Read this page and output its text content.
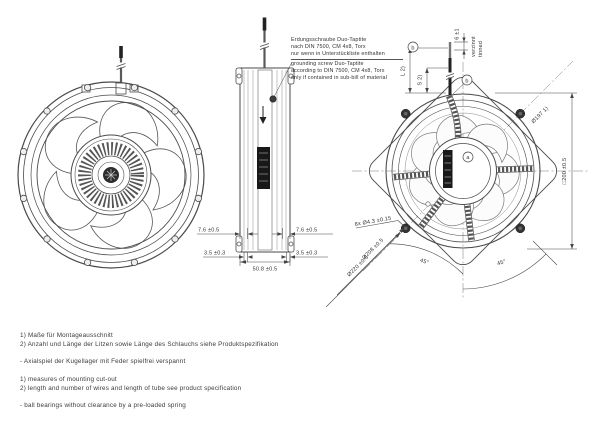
7.6 ±0.5
3.5 ±0.3
7.6 ±0.5
3.5 ±0.3
50.8 ±0.5
a
b
L 2)
S 2)
6 ±1
verzinnt tinned
□200 ±0.5
Ø197 1)
8x Ø4.3 ±0.15
Ø208 ±0.5
Ø220 ±0.5	45°	45°
b
Erdungsschraube Duo-Taptite
nach DIN 7500, CM 4x8, Torx
nur wenn in Unterstückliste enthalten
grounding screw Duo-Taptite
according to DIN 7500, CM 4x8, Torx
only if contained in sub-bill of material
1) Maße für Montageausschnitt
2) Anzahl und Länge der Litzen sowie Länge des Schlauchs siehe Produktspezifikation
- Axialspiel der Kugellager mit Feder spielfrei verspannt
1) measures of mounting cut-out
2) length and number of wires and length of tube see product specification
- ball bearings without clearance by a pre-loaded spring
